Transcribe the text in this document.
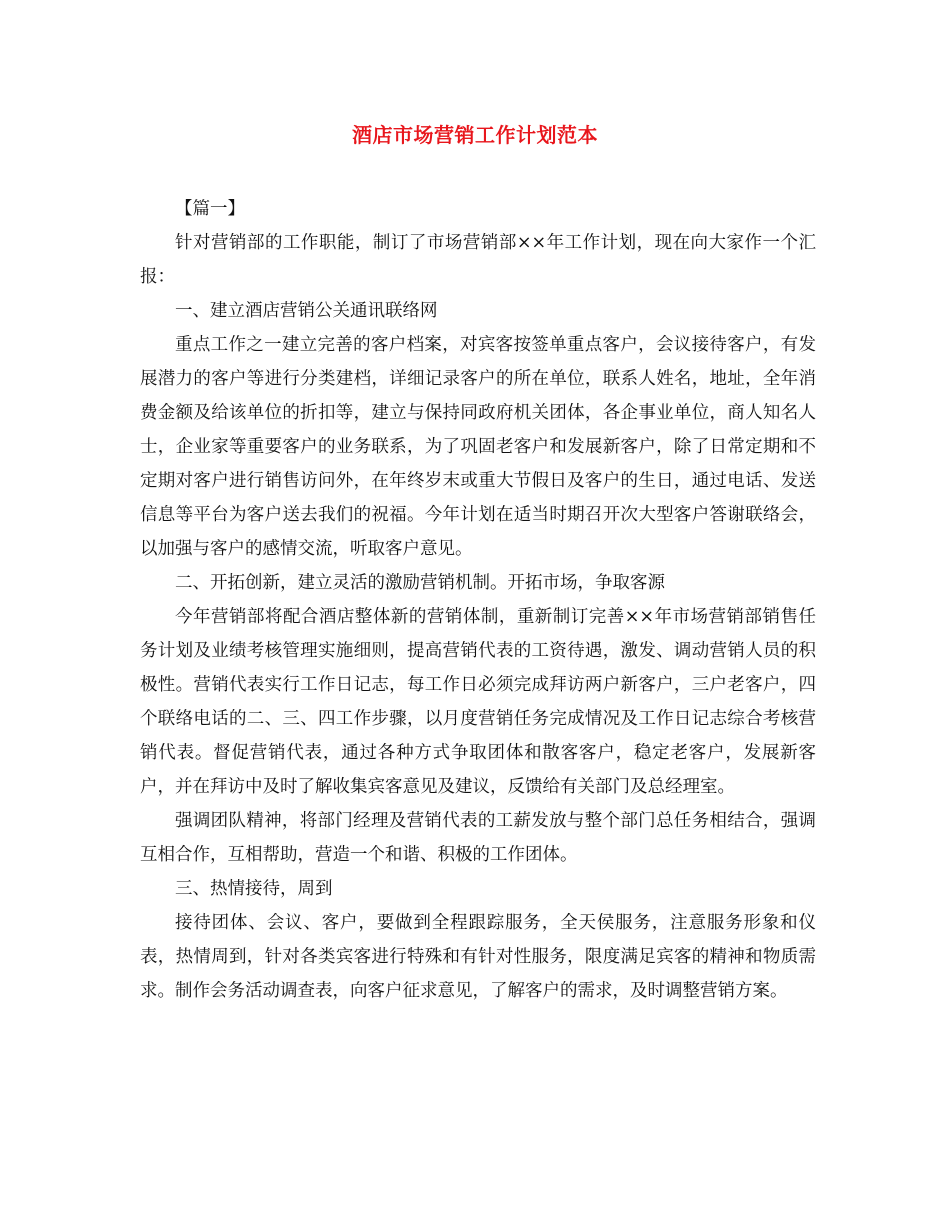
酒店市场营销工作计划范本

【篇一】

针对营销部的工作职能，制订了市场营销部××年工作计划，现在向大家作一个汇报：

一、建立酒店营销公关通讯联络网

重点工作之一建立完善的客户档案，对宾客按签单重点客户，会议接待客户，有发展潜力的客户等进行分类建档，详细记录客户的所在单位，联系人姓名，地址，全年消费金额及给该单位的折扣等，建立与保持同政府机关团体，各企事业单位，商人知名人士，企业家等重要客户的业务联系，为了巩固老客户和发展新客户，除了日常定期和不定期对客户进行销售访问外，在年终岁末或重大节假日及客户的生日，通过电话、发送信息等平台为客户送去我们的祝福。今年计划在适当时期召开次大型客户答谢联络会，以加强与客户的感情交流，听取客户意见。

二、开拓创新，建立灵活的激励营销机制。开拓市场，争取客源

今年营销部将配合酒店整体新的营销体制，重新制订完善××年市场营销部销售任务计划及业绩考核管理实施细则，提高营销代表的工资待遇，激发、调动营销人员的积极性。营销代表实行工作日记志，每工作日必须完成拜访两户新客户，三户老客户，四个联络电话的二、三、四工作步骤，以月度营销任务完成情况及工作日记志综合考核营销代表。督促营销代表，通过各种方式争取团体和散客客户，稳定老客户，发展新客户，并在拜访中及时了解收集宾客意见及建议，反馈给有关部门及总经理室。

强调团队精神，将部门经理及营销代表的工薪发放与整个部门总任务相结合，强调互相合作，互相帮助，营造一个和谐、积极的工作团体。

三、热情接待，周到

接待团体、会议、客户，要做到全程跟踪服务，全天侯服务，注意服务形象和仪表，热情周到，针对各类宾客进行特殊和有针对性服务，限度满足宾客的精神和物质需求。制作会务活动调查表，向客户征求意见，了解客户的需求，及时调整营销方案。
